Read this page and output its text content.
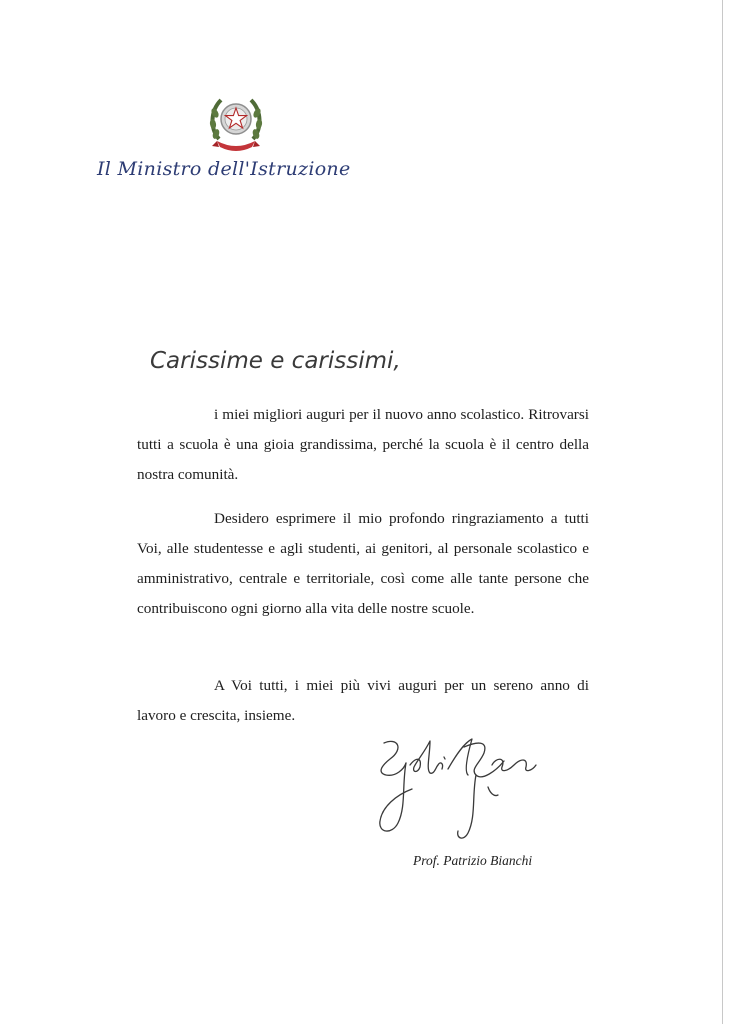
Il Ministro dell'Istruzione
Carissime e carissimi,

i miei migliori auguri per il nuovo anno scolastico. Ritrovarsi tutti a scuola è una gioia grandissima, perché la scuola è il centro della nostra comunità.

Desidero esprimere il mio profondo ringraziamento a tutti Voi, alle studentesse e agli studenti, ai genitori, al personale scolastico e amministrativo, centrale e territoriale, così come alle tante persone che contribuiscono ogni giorno alla vita delle nostre scuole.

A Voi tutti, i miei più vivi auguri per un sereno anno di lavoro e crescita, insieme.

Prof. Patrizio Bianchi
